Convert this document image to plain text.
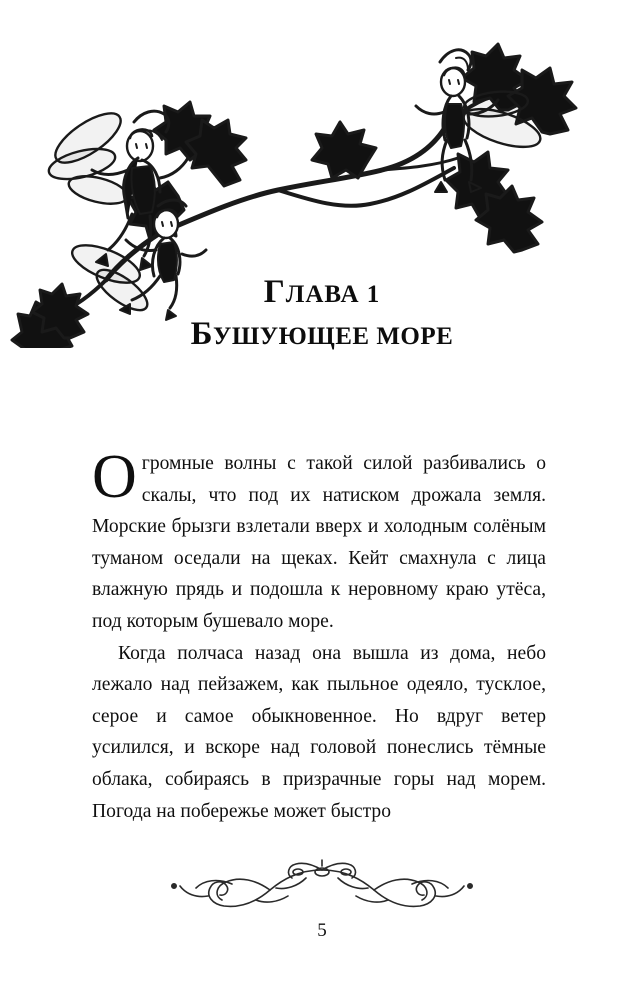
ГЛАВА 1
БУШУЮЩЕЕ МОРЕ

Огромные волны с такой силой разбивались о скалы, что под их натиском дрожала земля. Морские брызги взлетали вверх и холодным солёным туманом оседали на щеках. Кейт смахнула с лица влажную прядь и подошла к неровному краю утёса, под которым бушевало море.

Когда полчаса назад она вышла из дома, небо лежало над пейзажем, как пыльное одеяло, тусклое, серое и самое обыкновенное. Но вдруг ветер усилился, и вскоре над головой понеслись тёмные облака, собираясь в призрачные горы над морем. Погода на побережье может быстро

5
